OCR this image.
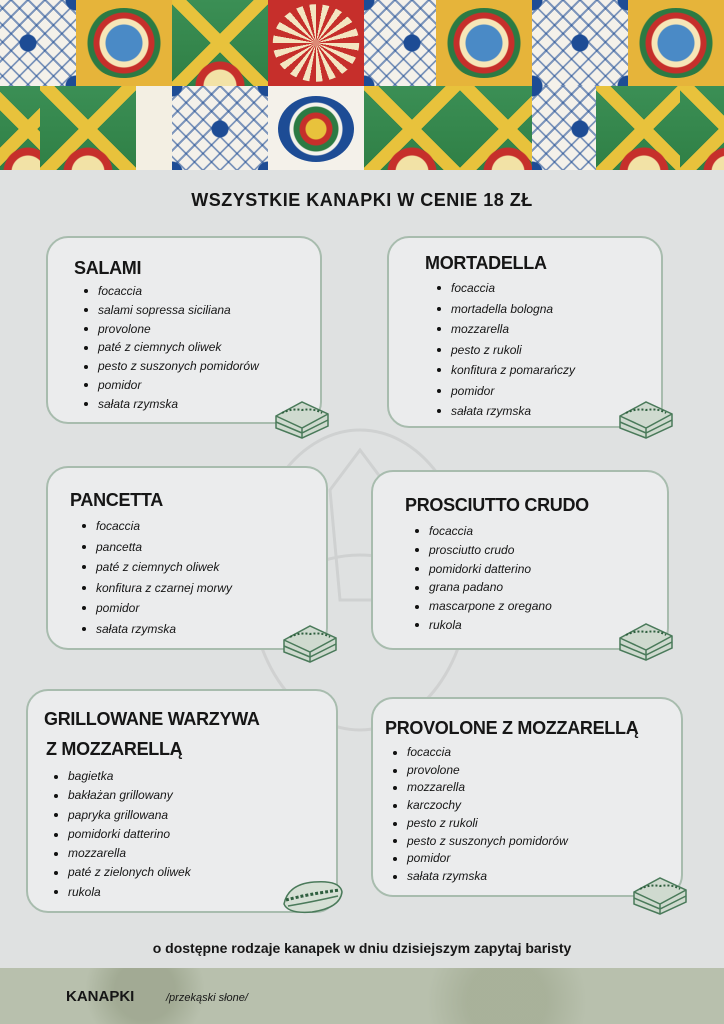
WSZYSTKIE KANAPKI W CENIE 18 ZŁ
SALAMI
focaccia
salami sopressa siciliana
provolone
paté z ciemnych oliwek
pesto z suszonych pomidorów
pomidor
sałata rzymska
MORTADELLA
focaccia
mortadella bologna
mozzarella
pesto z rukoli
konfitura z pomarańczy
pomidor
sałata rzymska
PANCETTA
focaccia
pancetta
paté z ciemnych oliwek
konfitura z czarnej morwy
pomidor
sałata rzymska
PROSCIUTTO CRUDO
focaccia
prosciutto crudo
pomidorki datterino
grana padano
mascarpone z oregano
rukola
GRILLOWANE WARZYWA
Z MOZZARELLĄ
bagietka
bakłażan grillowany
papryka grillowana
pomidorki datterino
mozzarella
paté z zielonych oliwek
rukola
PROVOLONE Z MOZZARELLĄ
focaccia
provolone
mozzarella
karczochy
pesto z rukoli
pesto z suszonych pomidorów
pomidor
sałata rzymska

o dostępne rodzaje kanapek w dniu dzisiejszym zapytaj baristy

KANAPKI	/przekąski słone/
